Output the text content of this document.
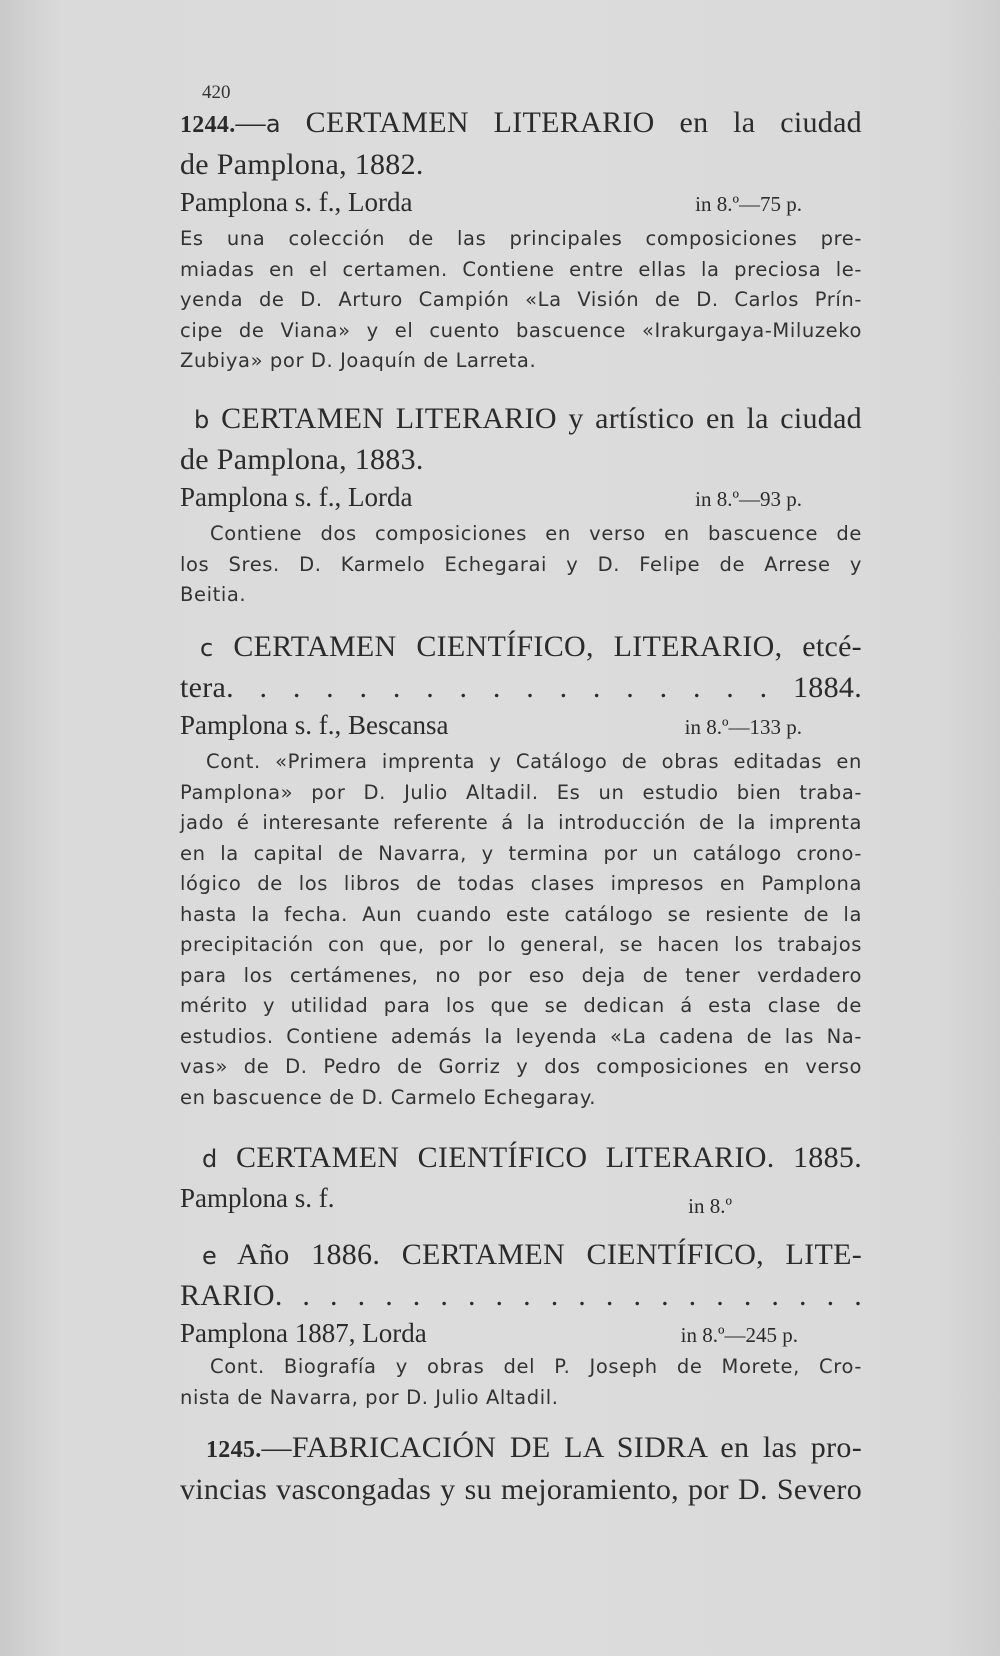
420
1244.—a CERTAMEN LITERARIO en la ciudad
de Pamplona, 1882.
Pamplona s. f., Lorda	in 8.º—75 p.
Es una colección de las principales composiciones pre-
miadas en el certamen. Contiene entre ellas la preciosa le-
yenda de D. Arturo Campión «La Visión de D. Carlos Prín-
cipe de Viana» y el cuento bascuence «Irakurgaya-Miluzeko
Zubiya» por D. Joaquín de Larreta.
b CERTAMEN LITERARIO y artístico en la ciudad
de Pamplona, 1883.
Pamplona s. f., Lorda	in 8.º—93 p.
Contiene dos composiciones en verso en bascuence de
los Sres. D. Karmelo Echegarai y D. Felipe de Arrese y
Beitia.
c CERTAMEN CIENTÍFICO, LITERARIO, etcé-
tera. . . . . . . . . . . . . . . . . 1884.
Pamplona s. f., Bescansa	in 8.º—133 p.
Cont. «Primera imprenta y Catálogo de obras editadas en
Pamplona» por D. Julio Altadil. Es un estudio bien traba-
jado é interesante referente á la introducción de la imprenta
en la capital de Navarra, y termina por un catálogo crono-
lógico de los libros de todas clases impresos en Pamplona
hasta la fecha. Aun cuando este catálogo se resiente de la
precipitación con que, por lo general, se hacen los trabajos
para los certámenes, no por eso deja de tener verdadero
mérito y utilidad para los que se dedican á esta clase de
estudios. Contiene además la leyenda «La cadena de las Na-
vas» de D. Pedro de Gorriz y dos composiciones en verso
en bascuence de D. Carmelo Echegaray.
d CERTAMEN CIENTÍFICO LITERARIO. 1885.
Pamplona s. f.	in 8.º
e Año 1886. CERTAMEN CIENTÍFICO, LITE-
RARIO. . . . . . . . . . . . . . . . . . . . . .
Pamplona 1887, Lorda	in 8.º—245 p.
Cont. Biografía y obras del P. Joseph de Morete, Cro-
nista de Navarra, por D. Julio Altadil.
1245.—FABRICACIÓN DE LA SIDRA en las pro-
vincias vascongadas y su mejoramiento, por D. Severo
